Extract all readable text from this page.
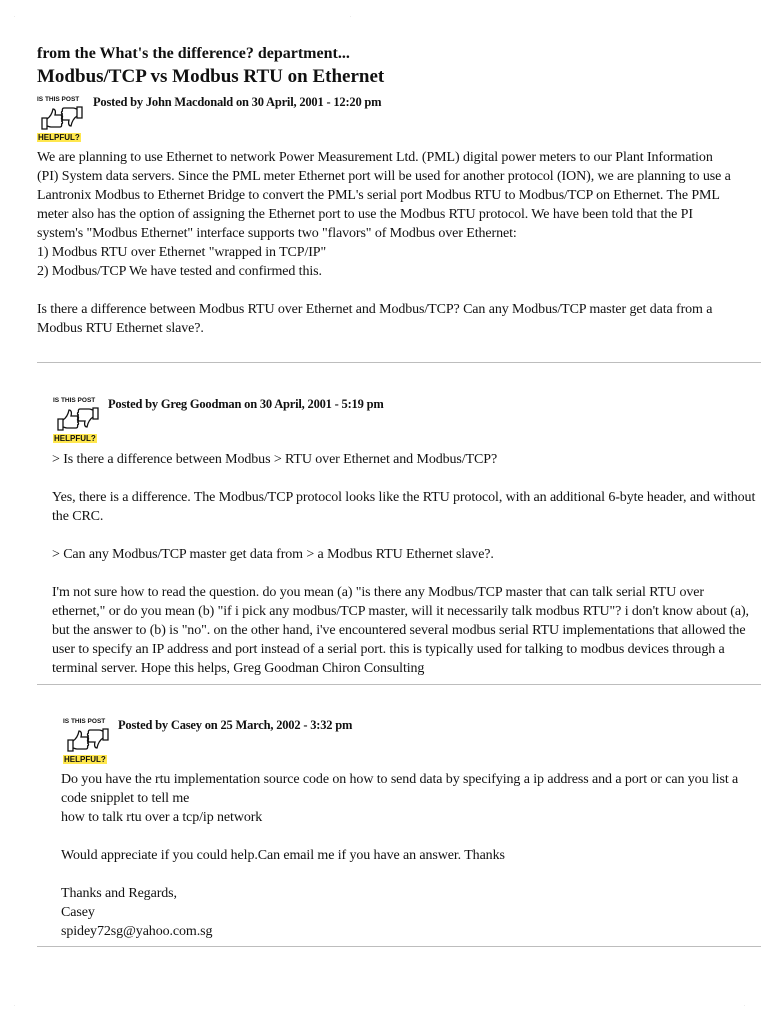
·	·
·	·
from the What's the difference? department...
Modbus/TCP vs Modbus RTU on Ethernet
IS THIS POST
HELPFUL?
Posted by John Macdonald on 30 April, 2001 - 12:20 pm

We are planning to use Ethernet to network Power Measurement Ltd. (PML) digital power meters to our Plant Information (PI) System data servers. Since the PML meter Ethernet port will be used for another protocol (ION), we are planning to use a Lantronix Modbus to Ethernet Bridge to convert the PML's serial port Modbus RTU to Modbus/TCP on Ethernet. The PML meter also has the option of assigning the Ethernet port to use the Modbus RTU protocol. We have been told that the PI system's "Modbus Ethernet" interface supports two "flavors" of Modbus over Ethernet:
1) Modbus RTU over Ethernet "wrapped in TCP/IP"
2) Modbus/TCP We have tested and confirmed this.

Is there a difference between Modbus RTU over Ethernet and Modbus/TCP? Can any Modbus/TCP master get data from a Modbus RTU Ethernet slave?.

IS THIS POST
HELPFUL?
Posted by Greg Goodman on 30 April, 2001 - 5:19 pm

> Is there a difference between Modbus > RTU over Ethernet and Modbus/TCP?

Yes, there is a difference. The Modbus/TCP protocol looks like the RTU protocol, with an additional 6-byte header, and without the CRC.

> Can any Modbus/TCP master get data from > a Modbus RTU Ethernet slave?.

I'm not sure how to read the question. do you mean (a) "is there any Modbus/TCP master that can talk serial RTU over ethernet," or do you mean (b) "if i pick any modbus/TCP master, will it necessarily talk modbus RTU"? i don't know about (a), but the answer to (b) is "no". on the other hand, i've encountered several modbus serial RTU implementations that allowed the user to specify an IP address and port instead of a serial port. this is typically used for talking to modbus devices through a terminal server. Hope this helps, Greg Goodman Chiron Consulting

IS THIS POST
HELPFUL?
Posted by Casey on 25 March, 2002 - 3:32 pm

Do you have the rtu implementation source code on how to send data by specifying a ip address and a port or can you list a code snipplet to tell me
how to talk rtu over a tcp/ip network

Would appreciate if you could help.Can email me if you have an answer. Thanks

Thanks and Regards,
Casey
spidey72sg@yahoo.com.sg
